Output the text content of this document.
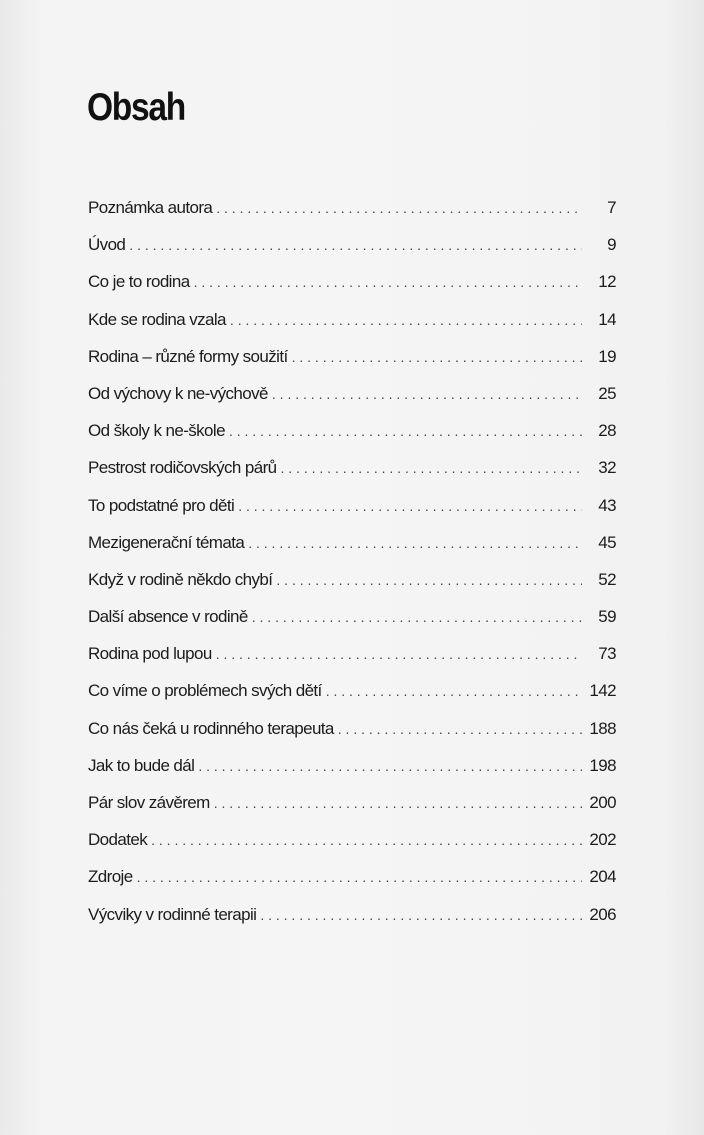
Obsah
Poznámka autora . . .	7
Úvod . . .	9
Co je to rodina . . .	12
Kde se rodina vzala . . .	14
Rodina – různé formy soužití . . .	19
Od výchovy k ne-výchově . . .	25
Od školy k ne-škole . . .	28
Pestrost rodičovských párů . . .	32
To podstatné pro děti . . .	43
Mezigenerační témata . . .	45
Když v rodině někdo chybí . . .	52
Další absence v rodině . . .	59
Rodina pod lupou . . .	73
Co víme o problémech svých dětí . . .	142
Co nás čeká u rodinného terapeuta . . .	188
Jak to bude dál . . .	198
Pár slov závěrem . . .	200
Dodatek . . .	202
Zdroje . . .	204
Výcviky v rodinné terapii . . .	206
